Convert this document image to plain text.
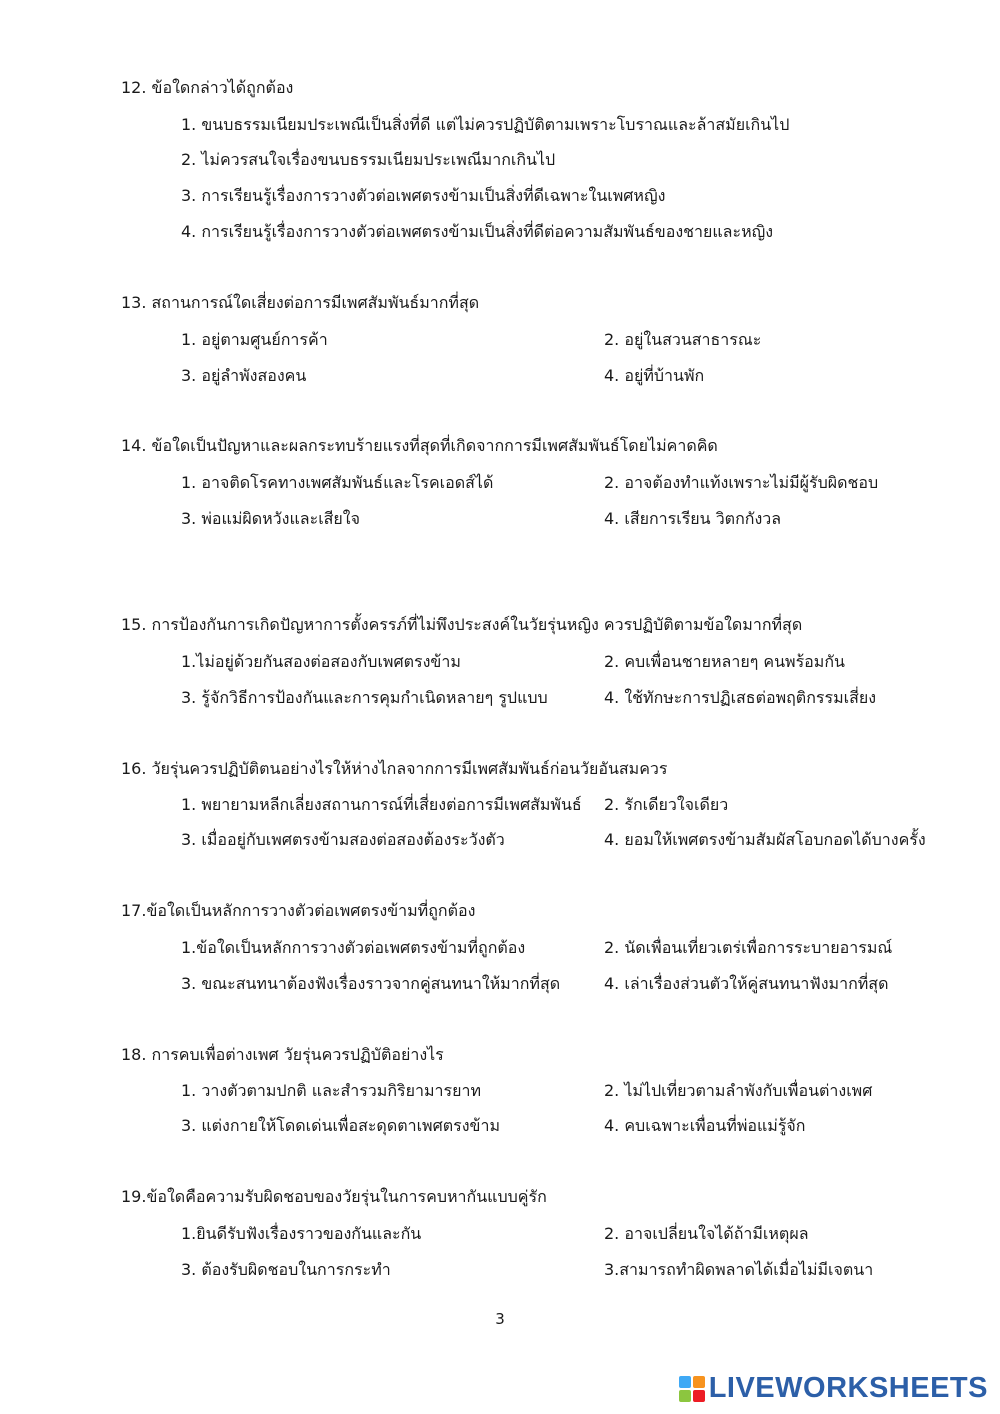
12. ข้อใดกล่าวได้ถูกต้อง
1. ขนบธรรมเนียมประเพณีเป็นสิ่งที่ดี แต่ไม่ควรปฏิบัติตามเพราะโบราณและล้าสมัยเกินไป
2. ไม่ควรสนใจเรื่องขนบธรรมเนียมประเพณีมากเกินไป
3. การเรียนรู้เรื่องการวางตัวต่อเพศตรงข้ามเป็นสิ่งที่ดีเฉพาะในเพศหญิง
4. การเรียนรู้เรื่องการวางตัวต่อเพศตรงข้ามเป็นสิ่งที่ดีต่อความสัมพันธ์ของชายและหญิง
13. สถานการณ์ใดเสี่ยงต่อการมีเพศสัมพันธ์มากที่สุด
1. อยู่ตามศูนย์การค้า	2. อยู่ในสวนสาธารณะ
3. อยู่ลำพังสองคน	4. อยู่ที่บ้านพัก
14. ข้อใดเป็นปัญหาและผลกระทบร้ายแรงที่สุดที่เกิดจากการมีเพศสัมพันธ์โดยไม่คาดคิด
1. อาจติดโรคทางเพศสัมพันธ์และโรคเอดส์ได้	2. อาจต้องทำแท้งเพราะไม่มีผู้รับผิดชอบ
3. พ่อแม่ผิดหวังและเสียใจ	4. เสียการเรียน วิตกกังวล
15. การป้องกันการเกิดปัญหาการตั้งครรภ์ที่ไม่พึงประสงค์ในวัยรุ่นหญิง ควรปฏิบัติตามข้อใดมากที่สุด
1.ไม่อยู่ด้วยกันสองต่อสองกับเพศตรงข้าม	2. คบเพื่อนชายหลายๆ คนพร้อมกัน
3. รู้จักวิธีการป้องกันและการคุมกำเนิดหลายๆ รูปแบบ	4. ใช้ทักษะการปฏิเสธต่อพฤติกรรมเสี่ยง
16. วัยรุ่นควรปฏิบัติตนอย่างไรให้ห่างไกลจากการมีเพศสัมพันธ์ก่อนวัยอันสมควร
1. พยายามหลีกเลี่ยงสถานการณ์ที่เสี่ยงต่อการมีเพศสัมพันธ์ 2. รักเดียวใจเดียว
3. เมื่ออยู่กับเพศตรงข้ามสองต่อสองต้องระวังตัว	4. ยอมให้เพศตรงข้ามสัมผัสโอบกอดได้บางครั้ง
17.ข้อใดเป็นหลักการวางตัวต่อเพศตรงข้ามที่ถูกต้อง
1.ข้อใดเป็นหลักการวางตัวต่อเพศตรงข้ามที่ถูกต้อง	2. นัดเพื่อนเที่ยวเตร่เพื่อการระบายอารมณ์
3. ขณะสนทนาต้องฟังเรื่องราวจากคู่สนทนาให้มากที่สุด	4. เล่าเรื่องส่วนตัวให้คู่สนทนาฟังมากที่สุด
18. การคบเพื่อต่างเพศ วัยรุ่นควรปฏิบัติอย่างไร
1. วางตัวตามปกติ และสำรวมกิริยามารยาท	2. ไม่ไปเที่ยวตามลำพังกับเพื่อนต่างเพศ
3. แต่งกายให้โดดเด่นเพื่อสะดุดตาเพศตรงข้าม	4. คบเฉพาะเพื่อนที่พ่อแม่รู้จัก
19.ข้อใดคือความรับผิดชอบของวัยรุ่นในการคบหากันแบบคู่รัก
1.ยินดีรับฟังเรื่องราวของกันและกัน	2. อาจเปลี่ยนใจได้ถ้ามีเหตุผล
3. ต้องรับผิดชอบในการกระทำ	3.สามารถทำผิดพลาดได้เมื่อไม่มีเจตนา
3
LIVEWORKSHEETS
